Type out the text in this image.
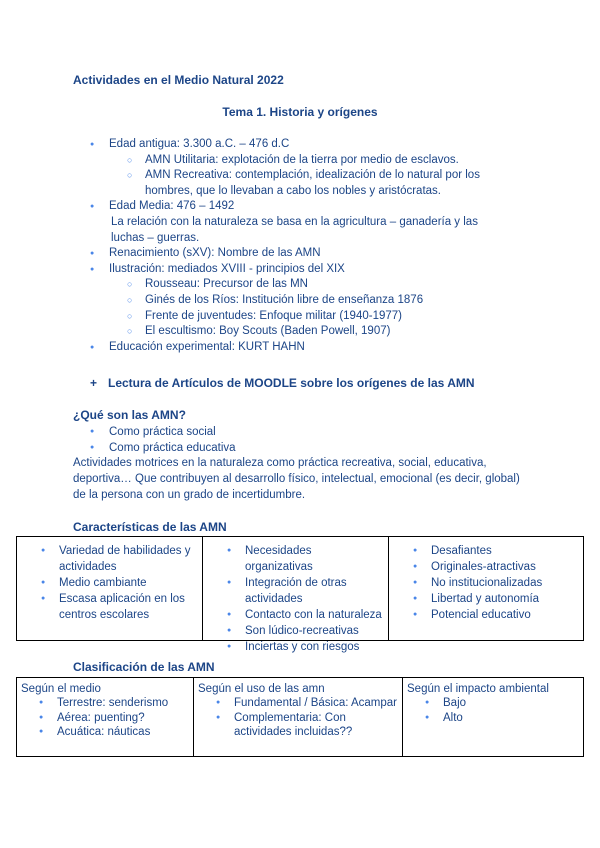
Actividades en el Medio Natural 2022
Tema 1. Historia y orígenes
● Edad antigua: 3.300 a.C. – 476 d.C
○ AMN Utilitaria: explotación de la tierra por medio de esclavos.
○ AMN Recreativa: contemplación, idealización de lo natural por los hombres, que lo llevaban a cabo los nobles y aristócratas.
● Edad Media: 476 – 1492
La relación con la naturaleza se basa en la agricultura – ganadería y las luchas – guerras.
● Renacimiento (sXV): Nombre de las AMN
● Ilustración: mediados XVIII - principios del XIX
○ Rousseau: Precursor de las MN
○ Ginés de los Ríos: Institución libre de enseñanza 1876
○ Frente de juventudes: Enfoque militar (1940-1977)
○ El escultismo: Boy Scouts (Baden Powell, 1907)
● Educación experimental: KURT HAHN
+ Lectura de Artículos de MOODLE sobre los orígenes de las AMN
¿Qué son las AMN?
● Como práctica social
● Como práctica educativa
Actividades motrices en la naturaleza como práctica recreativa, social, educativa, deportiva… Que contribuyen al desarrollo físico, intelectual, emocional (es decir, global) de la persona con un grado de incertidumbre.
Características de las AMN
● Variedad de habilidades y actividades
● Medio cambiante
● Escasa aplicación en los centros escolares
● Necesidades organizativas
● Integración de otras actividades
● Contacto con la naturaleza
● Son lúdico-recreativas
● Inciertas y con riesgos
● Desafiantes
● Originales-atractivas
● No institucionalizadas
● Libertad y autonomía
● Potencial educativo
Clasificación de las AMN
Según el medio
● Terrestre: senderismo
● Aérea: puenting?
● Acuática: náuticas
Según el uso de las amn
● Fundamental / Básica: Acampar
● Complementaria: Con actividades incluidas??
Según el impacto ambiental
● Bajo
● Alto
